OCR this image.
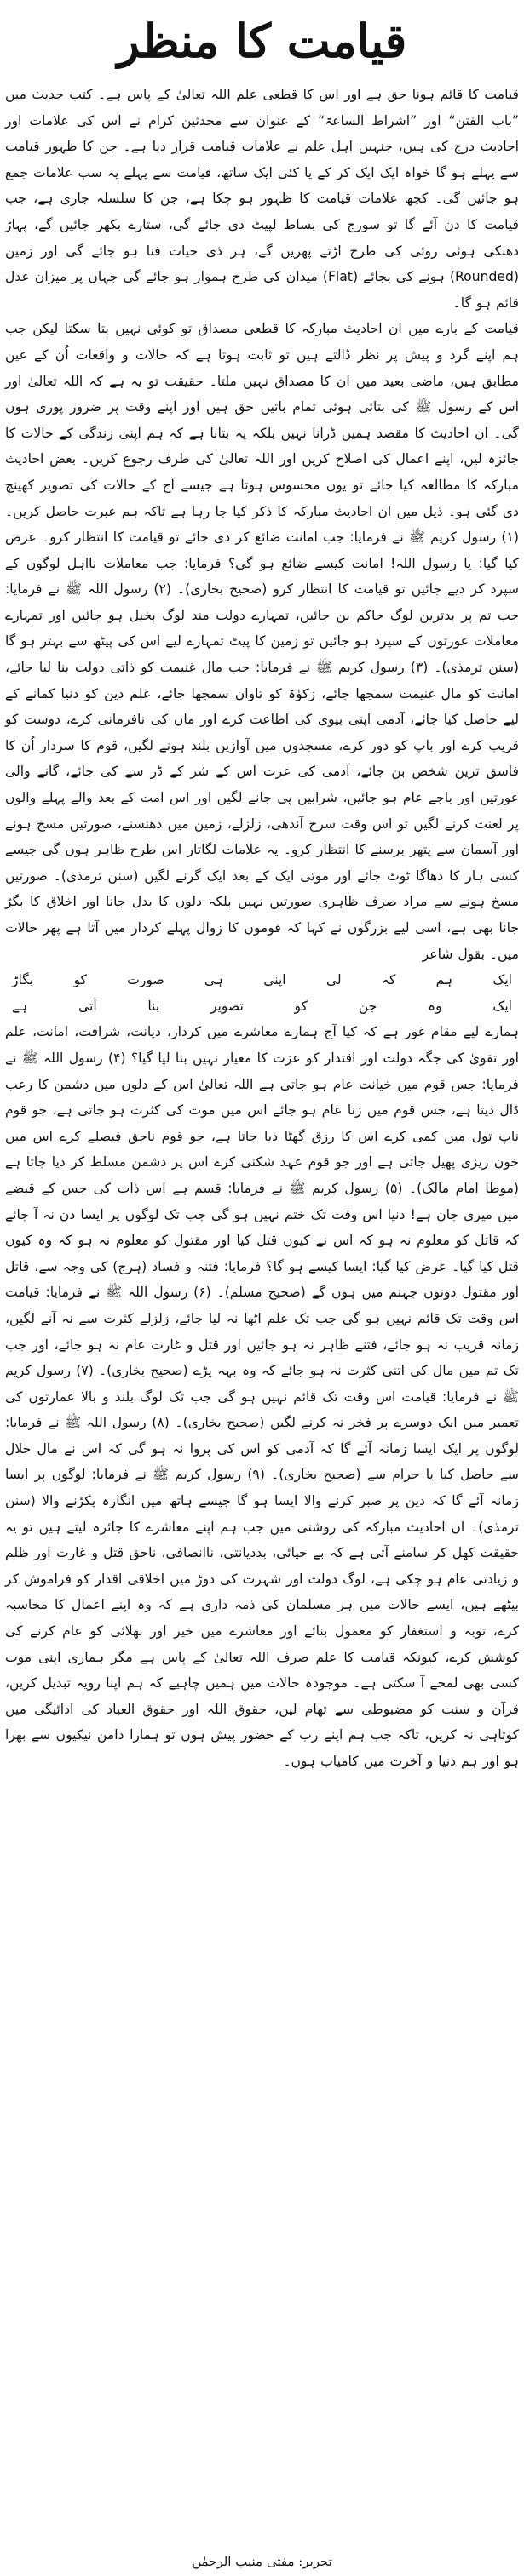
قیامت کا منظر

قیامت کا قائم ہونا حق ہے اور اس کا قطعی علم اللہ تعالیٰ کے پاس ہے۔ کتب حدیث میں ”باب الفتن“ اور ”اشراط الساعۃ“ کے عنوان سے محدثین کرام نے اس کی علامات اور احادیث درج کی ہیں، جنہیں اہل علم نے علامات قیامت قرار دیا ہے۔ جن کا ظہور قیامت سے پہلے ہو گا خواہ ایک ایک کر کے یا کئی ایک ساتھ، قیامت سے پہلے یہ سب علامات جمع ہو جائیں گی۔ کچھ علامات قیامت کا ظہور ہو چکا ہے، جن کا سلسلہ جاری ہے، جب قیامت کا دن آئے گا تو سورج کی بساط لپیٹ دی جائے گی، ستارے بکھر جائیں گے، پہاڑ دھنکی ہوئی روئی کی طرح اڑتے پھریں گے، ہر ذی حیات فنا ہو جائے گی اور زمین (Rounded) ہونے کی بجائے (Flat) میدان کی طرح ہموار ہو جائے گی جہاں پر میزان عدل قائم ہو گا۔

قیامت کے بارے میں ان احادیث مبارکہ کا قطعی مصداق تو کوئی نہیں بتا سکتا لیکن جب ہم اپنے گرد و پیش پر نظر ڈالتے ہیں تو ثابت ہوتا ہے کہ حالات و واقعات اُن کے عین مطابق ہیں، ماضی بعید میں ان کا مصداق نہیں ملتا۔ حقیقت تو یہ ہے کہ اللہ تعالیٰ اور اس کے رسول ﷺ کی بتائی ہوئی تمام باتیں حق ہیں اور اپنے وقت پر ضرور پوری ہوں گی۔ ان احادیث کا مقصد ہمیں ڈرانا نہیں بلکہ یہ بتانا ہے کہ ہم اپنی زندگی کے حالات کا جائزہ لیں، اپنے اعمال کی اصلاح کریں اور اللہ تعالیٰ کی طرف رجوع کریں۔ بعض احادیث مبارکہ کا مطالعہ کیا جائے تو یوں محسوس ہوتا ہے جیسے آج کے حالات کی تصویر کھینچ دی گئی ہو۔ ذیل میں ان احادیث مبارکہ کا ذکر کیا جا رہا ہے تاکہ ہم عبرت حاصل کریں۔ (۱) رسول کریم ﷺ نے فرمایا: جب امانت ضائع کر دی جائے تو قیامت کا انتظار کرو۔ عرض کیا گیا: یا رسول اللہ! امانت کیسے ضائع ہو گی؟ فرمایا: جب معاملات نااہل لوگوں کے سپرد کر دیے جائیں تو قیامت کا انتظار کرو (صحیح بخاری)۔ (۲) رسول اللہ ﷺ نے فرمایا: جب تم پر بدترین لوگ حاکم بن جائیں، تمہارے دولت مند لوگ بخیل ہو جائیں اور تمہارے معاملات عورتوں کے سپرد ہو جائیں تو زمین کا پیٹ تمہارے لیے اس کی پیٹھ سے بہتر ہو گا (سنن ترمذی)۔ (۳) رسول کریم ﷺ نے فرمایا: جب مال غنیمت کو ذاتی دولت بنا لیا جائے، امانت کو مال غنیمت سمجھا جائے، زکوٰۃ کو تاوان سمجھا جائے، علم دین کو دنیا کمانے کے لیے حاصل کیا جائے، آدمی اپنی بیوی کی اطاعت کرے اور ماں کی نافرمانی کرے، دوست کو قریب کرے اور باپ کو دور کرے، مسجدوں میں آوازیں بلند ہونے لگیں، قوم کا سردار اُن کا فاسق ترین شخص بن جائے، آدمی کی عزت اس کے شر کے ڈر سے کی جائے، گانے والی عورتیں اور باجے عام ہو جائیں، شرابیں پی جانے لگیں اور اس امت کے بعد والے پہلے والوں پر لعنت کرنے لگیں تو اس وقت سرخ آندھی، زلزلے، زمین میں دھنسنے، صورتیں مسخ ہونے اور آسمان سے پتھر برسنے کا انتظار کرو۔ یہ علامات لگاتار اس طرح ظاہر ہوں گی جیسے کسی ہار کا دھاگا ٹوٹ جائے اور موتی ایک کے بعد ایک گرنے لگیں (سنن ترمذی)۔ صورتیں مسخ ہونے سے مراد صرف ظاہری صورتیں نہیں بلکہ دلوں کا بدل جانا اور اخلاق کا بگڑ جانا بھی ہے، اسی لیے بزرگوں نے کہا کہ قوموں کا زوال پہلے کردار میں آتا ہے پھر حالات میں۔ بقول شاعر

ایک
ہم
کہ
لی
اپنی
ہی
صورت
کو
بگاڑ
ایک
وہ
جن
کو
تصویر
بنا
آتی
ہے

ہمارے لیے مقام غور ہے کہ کیا آج ہمارے معاشرے میں کردار، دیانت، شرافت، امانت، علم اور تقویٰ کی جگہ دولت اور اقتدار کو عزت کا معیار نہیں بنا لیا گیا؟ (۴) رسول اللہ ﷺ نے فرمایا: جس قوم میں خیانت عام ہو جاتی ہے اللہ تعالیٰ اس کے دلوں میں دشمن کا رعب ڈال دیتا ہے، جس قوم میں زنا عام ہو جائے اس میں موت کی کثرت ہو جاتی ہے، جو قوم ناپ تول میں کمی کرے اس کا رزق گھٹا دیا جاتا ہے، جو قوم ناحق فیصلے کرے اس میں خون ریزی پھیل جاتی ہے اور جو قوم عہد شکنی کرے اس پر دشمن مسلط کر دیا جاتا ہے (موطا امام مالک)۔ (۵) رسول کریم ﷺ نے فرمایا: قسم ہے اس ذات کی جس کے قبضے میں میری جان ہے! دنیا اس وقت تک ختم نہیں ہو گی جب تک لوگوں پر ایسا دن نہ آ جائے کہ قاتل کو معلوم نہ ہو کہ اس نے کیوں قتل کیا اور مقتول کو معلوم نہ ہو کہ وہ کیوں قتل کیا گیا۔ عرض کیا گیا: ایسا کیسے ہو گا؟ فرمایا: فتنہ و فساد (ہرج) کی وجہ سے، قاتل اور مقتول دونوں جہنم میں ہوں گے (صحیح مسلم)۔ (۶) رسول اللہ ﷺ نے فرمایا: قیامت اس وقت تک قائم نہیں ہو گی جب تک علم اٹھا نہ لیا جائے، زلزلے کثرت سے نہ آنے لگیں، زمانہ قریب نہ ہو جائے، فتنے ظاہر نہ ہو جائیں اور قتل و غارت عام نہ ہو جائے، اور جب تک تم میں مال کی اتنی کثرت نہ ہو جائے کہ وہ بہہ پڑے (صحیح بخاری)۔ (۷) رسول کریم ﷺ نے فرمایا: قیامت اس وقت تک قائم نہیں ہو گی جب تک لوگ بلند و بالا عمارتوں کی تعمیر میں ایک دوسرے پر فخر نہ کرنے لگیں (صحیح بخاری)۔ (۸) رسول اللہ ﷺ نے فرمایا: لوگوں پر ایک ایسا زمانہ آئے گا کہ آدمی کو اس کی پروا نہ ہو گی کہ اس نے مال حلال سے حاصل کیا یا حرام سے (صحیح بخاری)۔ (۹) رسول کریم ﷺ نے فرمایا: لوگوں پر ایسا زمانہ آئے گا کہ دین پر صبر کرنے والا ایسا ہو گا جیسے ہاتھ میں انگارہ پکڑنے والا (سنن ترمذی)۔ ان احادیث مبارکہ کی روشنی میں جب ہم اپنے معاشرے کا جائزہ لیتے ہیں تو یہ حقیقت کھل کر سامنے آتی ہے کہ بے حیائی، بددیانتی، ناانصافی، ناحق قتل و غارت اور ظلم و زیادتی عام ہو چکی ہے، لوگ دولت اور شہرت کی دوڑ میں اخلاقی اقدار کو فراموش کر بیٹھے ہیں، ایسے حالات میں ہر مسلمان کی ذمہ داری ہے کہ وہ اپنے اعمال کا محاسبہ کرے، توبہ و استغفار کو معمول بنائے اور معاشرے میں خیر اور بھلائی کو عام کرنے کی کوشش کرے، کیونکہ قیامت کا علم صرف اللہ تعالیٰ کے پاس ہے مگر ہماری اپنی موت کسی بھی لمحے آ سکتی ہے۔ موجودہ حالات میں ہمیں چاہیے کہ ہم اپنا رویہ تبدیل کریں، قرآن و سنت کو مضبوطی سے تھام لیں، حقوق اللہ اور حقوق العباد کی ادائیگی میں کوتاہی نہ کریں، تاکہ جب ہم اپنے رب کے حضور پیش ہوں تو ہمارا دامن نیکیوں سے بھرا ہو اور ہم دنیا و آخرت میں کامیاب ہوں۔

تحریر: مفتی منیب الرحمٰن
